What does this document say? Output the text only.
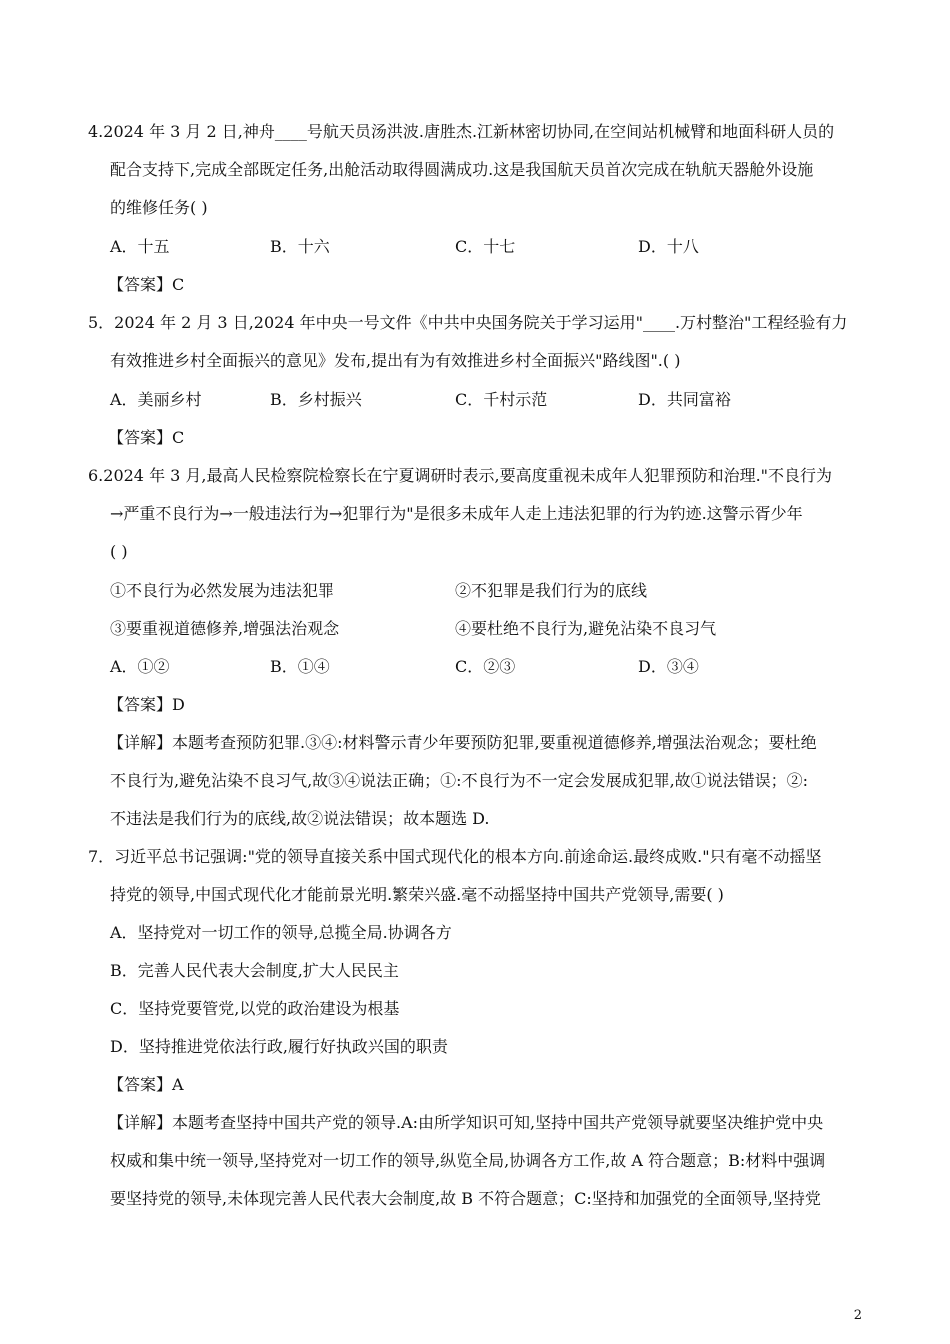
4.2024 年 3 月 2 日,神舟____号航天员汤洪波.唐胜杰.江新林密切协同,在空间站机械臂和地面科研人员的
配合支持下,完成全部既定任务,出舱活动取得圆满成功.这是我国航天员首次完成在轨航天器舱外设施
的维修任务( )
A．十五	B．十六	C．十七	D．十八
【答案】C
5．2024 年 2 月 3 日,2024 年中央一号文件《中共中央国务院关于学习运用"____.万村整治"工程经验有力
有效推进乡村全面振兴的意见》发布,提出有为有效推进乡村全面振兴"路线图".( )
A．美丽乡村	B．乡村振兴	C．千村示范	D．共同富裕
【答案】C
6.2024 年 3 月,最高人民检察院检察长在宁夏调研时表示,要高度重视未成年人犯罪预防和治理."不良行为
→严重不良行为→一般违法行为→犯罪行为"是很多未成年人走上违法犯罪的行为钓迹.这警示胥少年
( )
①不良行为必然发展为违法犯罪	②不犯罪是我们行为的底线
③要重视道德修养,增强法治观念	④要杜绝不良行为,避免沾染不良习气
A．①②	B．①④	C．②③	D．③④
【答案】D
【详解】本题考查预防犯罪.③④:材料警示青少年要预防犯罪,要重视道德修养,增强法治观念；要杜绝
不良行为,避免沾染不良习气,故③④说法正确；①:不良行为不一定会发展成犯罪,故①说法错误；②:
不违法是我们行为的底线,故②说法错误；故本题选 D.
7．习近平总书记强调:"党的领导直接关系中国式现代化的根本方向.前途命运.最终成败."只有毫不动摇坚
持党的领导,中国式现代化才能前景光明.繁荣兴盛.毫不动摇坚持中国共产党领导,需要( )
A．坚持党对一切工作的领导,总揽全局.协调各方
B．完善人民代表大会制度,扩大人民民主
C．坚持党要管党,以党的政治建设为根基
D．坚持推进党依法行政,履行好执政兴国的职责
【答案】A
【详解】本题考查坚持中国共产党的领导.A:由所学知识可知,坚持中国共产党领导就要坚决维护党中央
权威和集中统一领导,坚持党对一切工作的领导,纵览全局,协调各方工作,故 A 符合题意；B:材料中强调
要坚持党的领导,未体现完善人民代表大会制度,故 B 不符合题意；C:坚持和加强党的全面领导,坚持党
2
